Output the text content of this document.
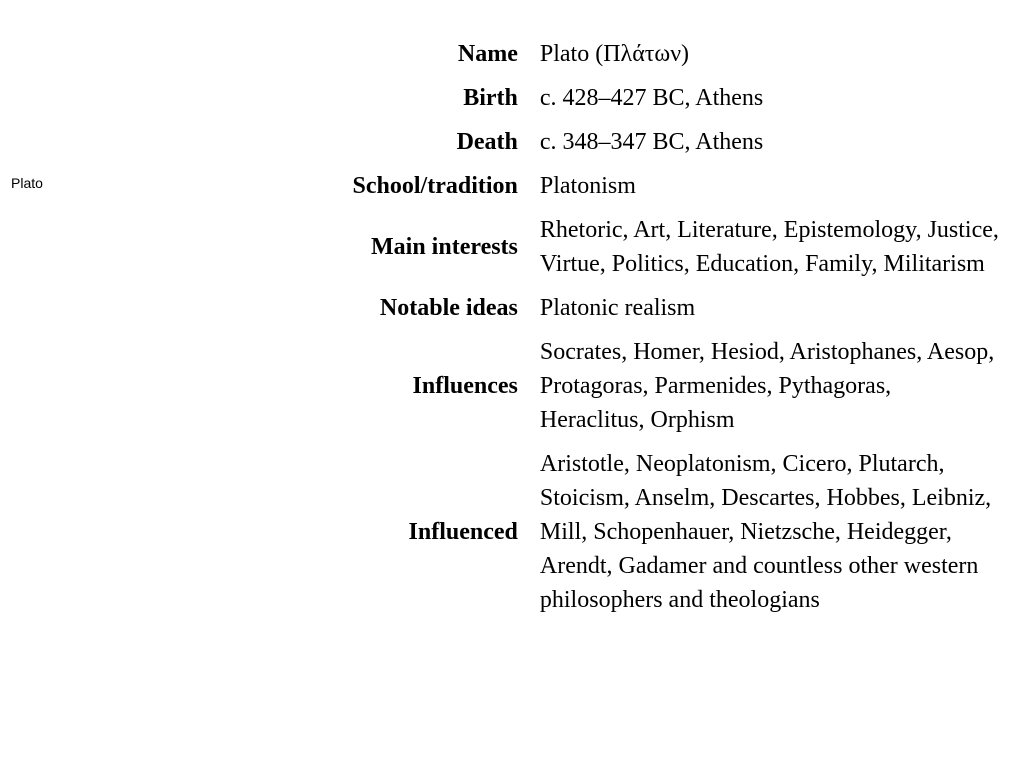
Plato
Name	Plato (Πλάτων)
Birth	c. 428–427 BC, Athens
Death	c. 348–347 BC, Athens
School/tradition	Platonism
Main interests	Rhetoric, Art, Literature, Epistemology, Justice, Virtue, Politics, Education, Family, Militarism
Notable ideas	Platonic realism
Influences	Socrates, Homer, Hesiod, Aristophanes, Aesop, Protagoras, Parmenides, Pythagoras, Heraclitus, Orphism
Influenced	Aristotle, Neoplatonism, Cicero, Plutarch, Stoicism, Anselm, Descartes, Hobbes, Leibniz, Mill, Schopenhauer, Nietzsche, Heidegger, Arendt, Gadamer and countless other western philosophers and theologians
